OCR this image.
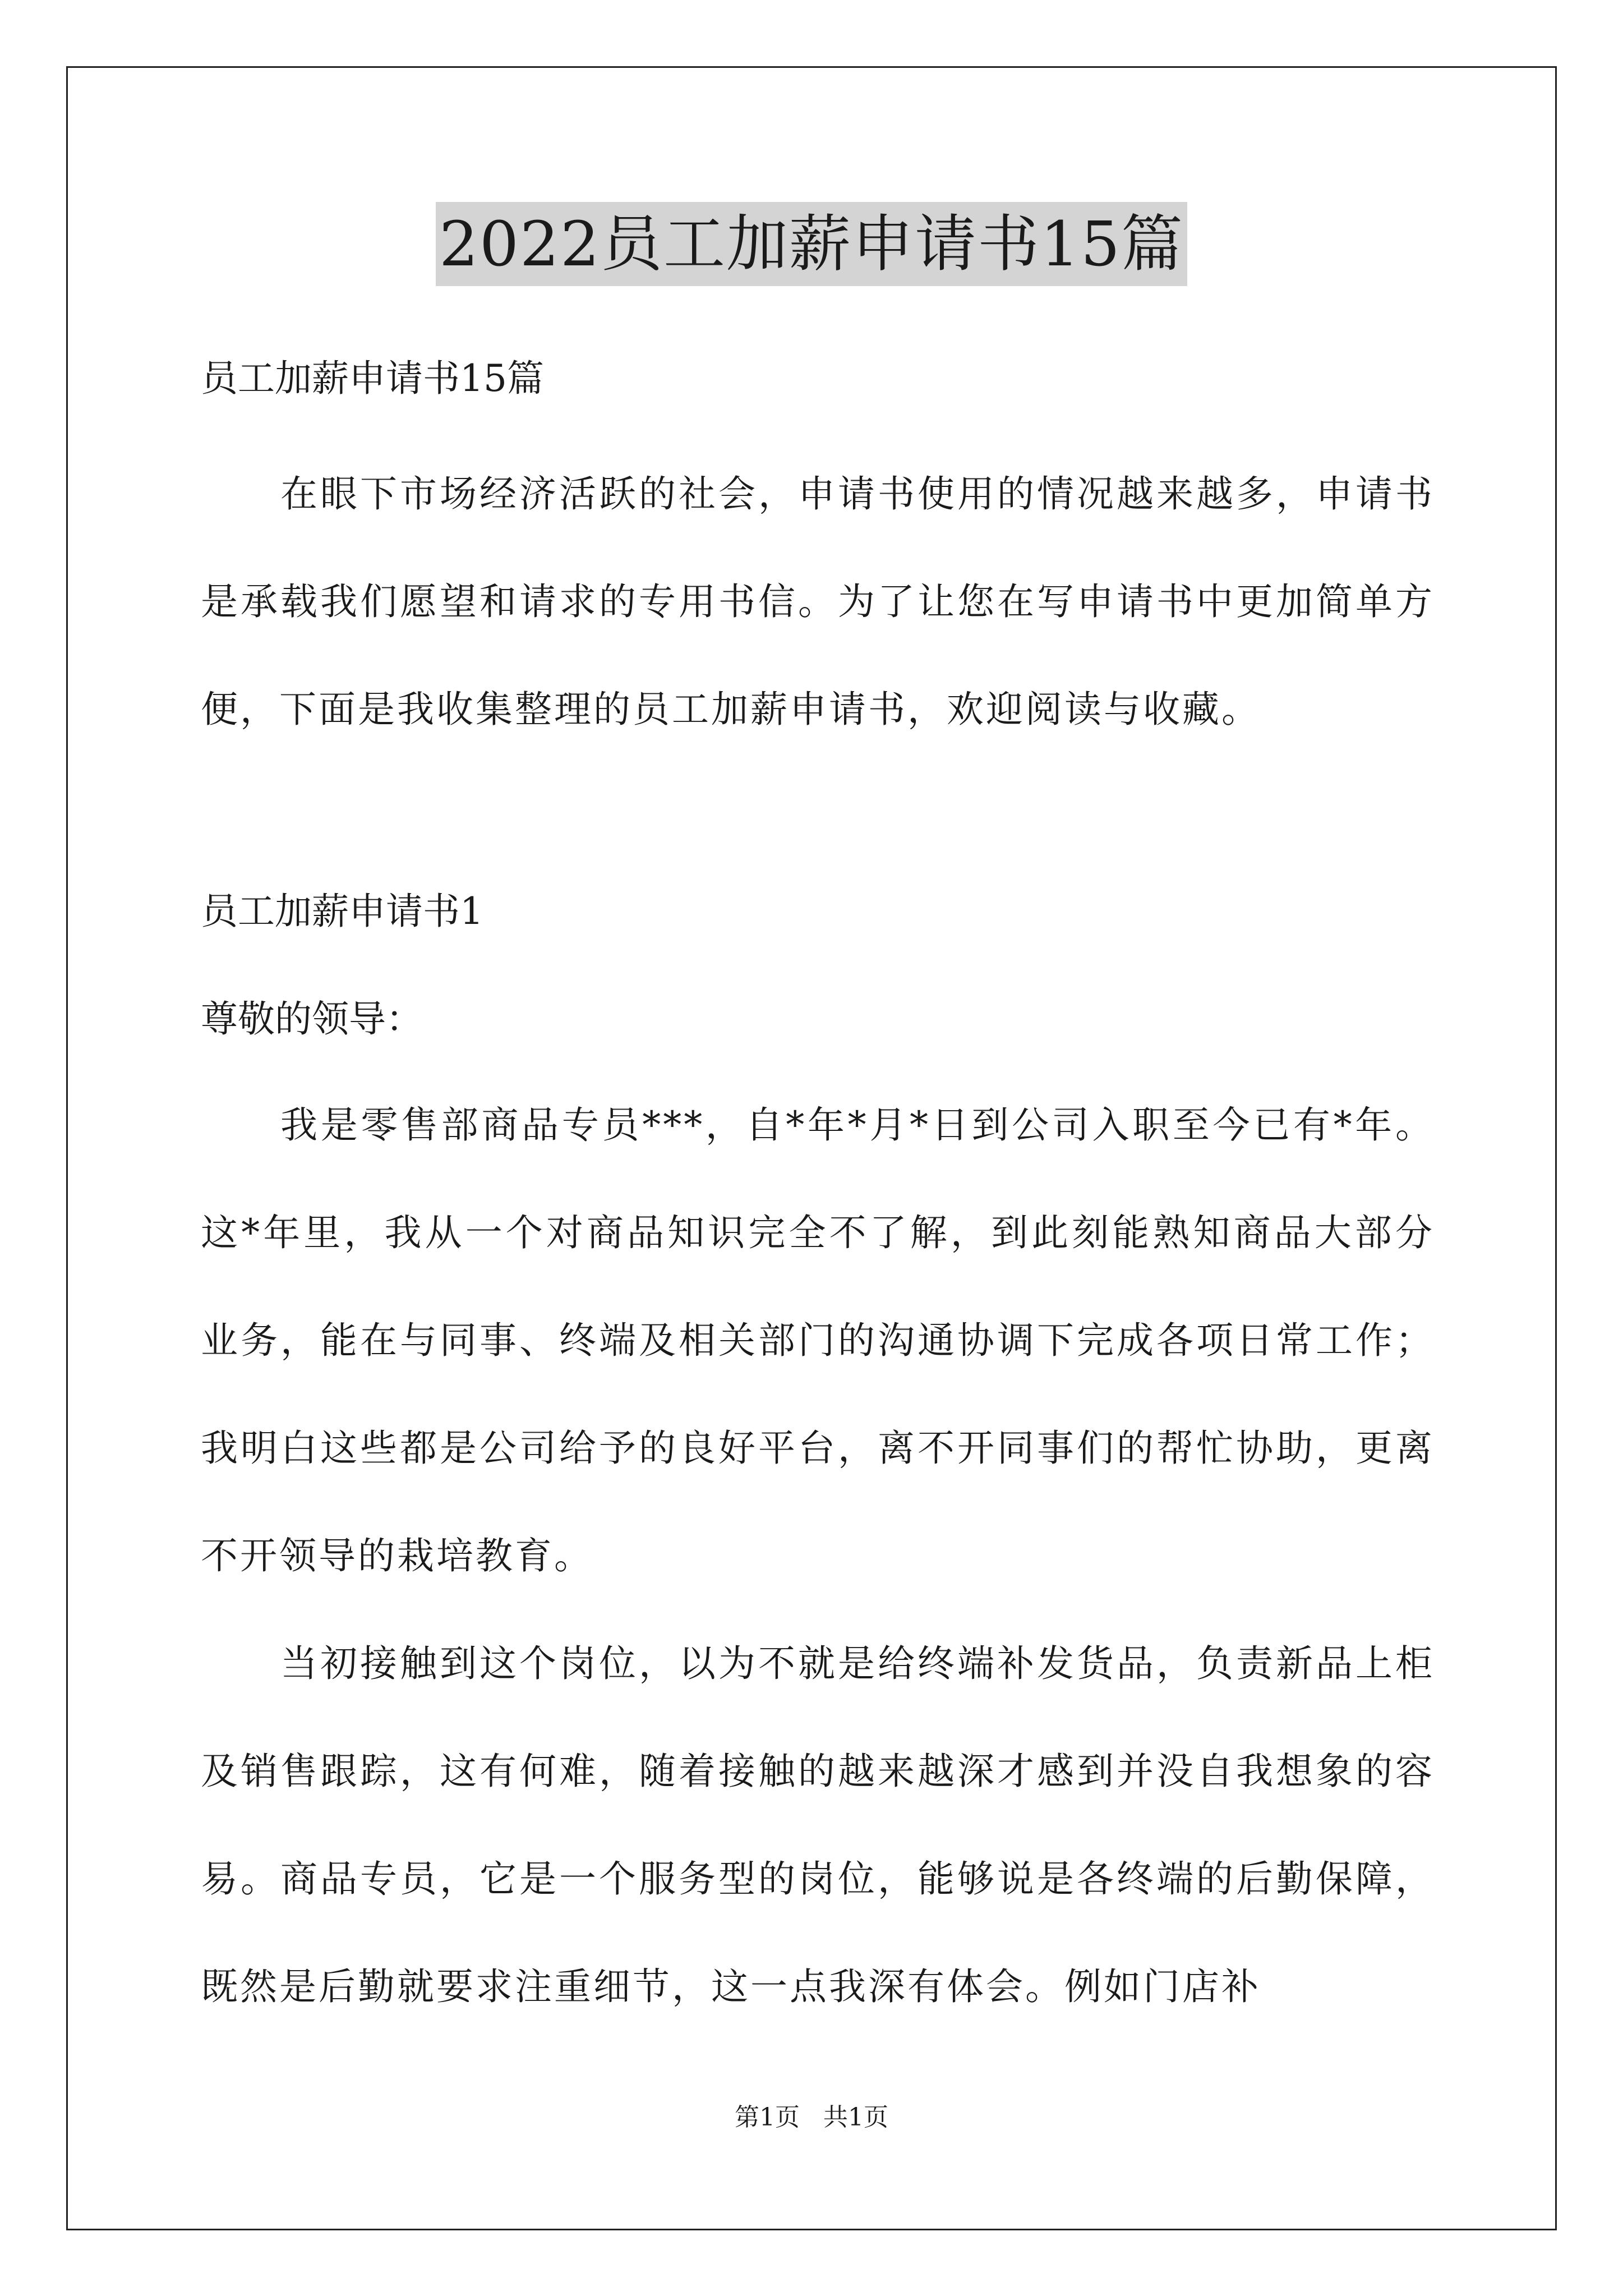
2022员工加薪申请书15篇
员工加薪申请书15篇
在眼下市场经济活跃的社会，申请书使用的情况越来越多，申请书是承载我们愿望和请求的专用书信。为了让您在写申请书中更加简单方便，下面是我收集整理的员工加薪申请书，欢迎阅读与收藏。
员工加薪申请书1
尊敬的领导：
我是零售部商品专员***，自*年*月*日到公司入职至今已有*年。这*年里，我从一个对商品知识完全不了解，到此刻能熟知商品大部分业务，能在与同事、终端及相关部门的沟通协调下完成各项日常工作；我明白这些都是公司给予的良好平台，离不开同事们的帮忙协助，更离不开领导的栽培教育。
当初接触到这个岗位，以为不就是给终端补发货品，负责新品上柜及销售跟踪，这有何难，随着接触的越来越深才感到并没自我想象的容易。商品专员，它是一个服务型的岗位，能够说是各终端的后勤保障，既然是后勤就要求注重细节，这一点我深有体会。例如门店补
第1页 共1页
